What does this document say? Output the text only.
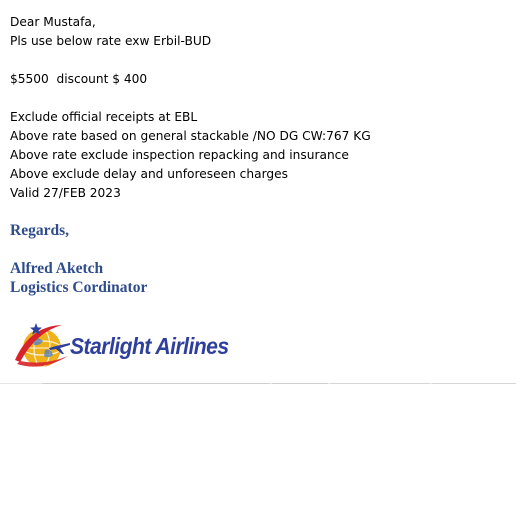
Dear Mustafa,
Pls use below rate exw Erbil-BUD
$5500  discount $ 400
Exclude official receipts at EBL
Above rate based on general stackable /NO DG CW:767 KG
Above rate exclude inspection repacking and insurance
Above exclude delay and unforeseen charges
Valid 27/FEB 2023
Regards,
Alfred Aketch
Logistics Cordinator
Starlight Airlines
